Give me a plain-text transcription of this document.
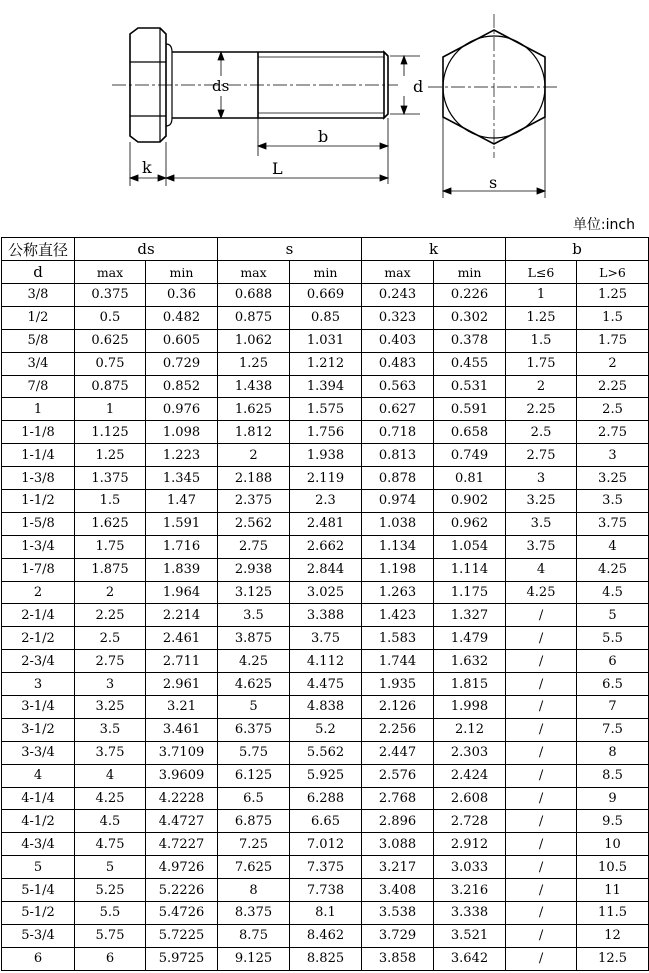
ds	d
b
k	L
s
单位:inch
公称直径	ds		s		k		b	
d	max	min	max	min	max	min	L≤6	L>6
3/8	0.375	0.36	0.688	0.669	0.243	0.226	1	1.25
1/2	0.5	0.482	0.875	0.85	0.323	0.302	1.25	1.5
5/8	0.625	0.605	1.062	1.031	0.403	0.378	1.5	1.75
3/4	0.75	0.729	1.25	1.212	0.483	0.455	1.75	2
7/8	0.875	0.852	1.438	1.394	0.563	0.531	2	2.25
1	1	0.976	1.625	1.575	0.627	0.591	2.25	2.5
1-1/8	1.125	1.098	1.812	1.756	0.718	0.658	2.5	2.75
1-1/4	1.25	1.223	2	1.938	0.813	0.749	2.75	3
1-3/8	1.375	1.345	2.188	2.119	0.878	0.81	3	3.25
1-1/2	1.5	1.47	2.375	2.3	0.974	0.902	3.25	3.5
1-5/8	1.625	1.591	2.562	2.481	1.038	0.962	3.5	3.75
1-3/4	1.75	1.716	2.75	2.662	1.134	1.054	3.75	4
1-7/8	1.875	1.839	2.938	2.844	1.198	1.114	4	4.25
2	2	1.964	3.125	3.025	1.263	1.175	4.25	4.5
2-1/4	2.25	2.214	3.5	3.388	1.423	1.327	/	5
2-1/2	2.5	2.461	3.875	3.75	1.583	1.479	/	5.5
2-3/4	2.75	2.711	4.25	4.112	1.744	1.632	/	6
3	3	2.961	4.625	4.475	1.935	1.815	/	6.5
3-1/4	3.25	3.21	5	4.838	2.126	1.998	/	7
3-1/2	3.5	3.461	6.375	5.2	2.256	2.12	/	7.5
3-3/4	3.75	3.7109	5.75	5.562	2.447	2.303	/	8
4	4	3.9609	6.125	5.925	2.576	2.424	/	8.5
4-1/4	4.25	4.2228	6.5	6.288	2.768	2.608	/	9
4-1/2	4.5	4.4727	6.875	6.65	2.896	2.728	/	9.5
4-3/4	4.75	4.7227	7.25	7.012	3.088	2.912	/	10
5	5	4.9726	7.625	7.375	3.217	3.033	/	10.5
5-1/4	5.25	5.2226	8	7.738	3.408	3.216	/	11
5-1/2	5.5	5.4726	8.375	8.1	3.538	3.338	/	11.5
5-3/4	5.75	5.7225	8.75	8.462	3.729	3.521	/	12
6	6	5.9725	9.125	8.825	3.858	3.642	/	12.5
